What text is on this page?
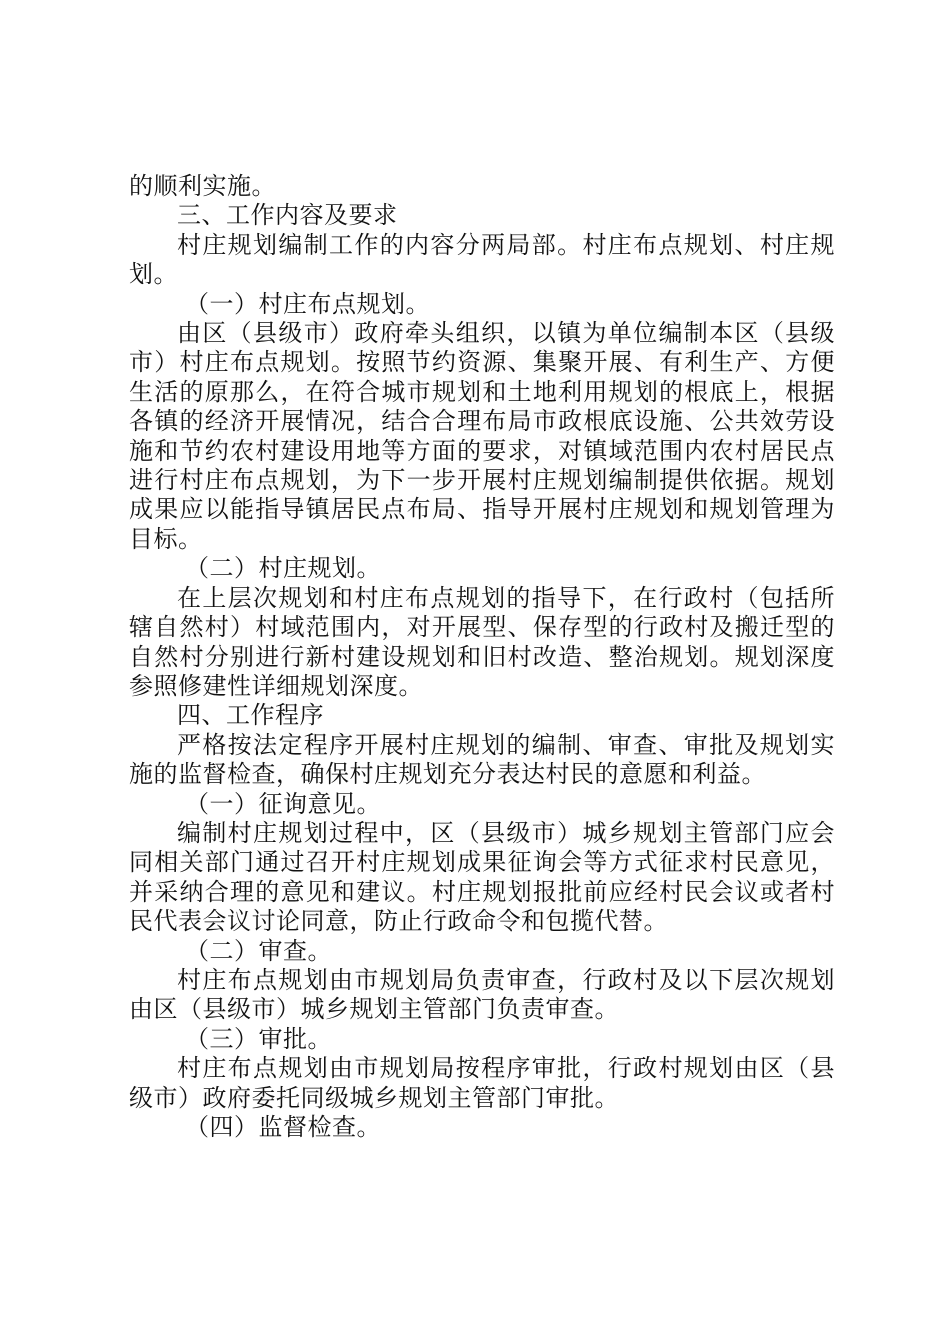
的顺利实施。

三、工作内容及要求

村庄规划编制工作的内容分两局部。村庄布点规划、村庄规划。

（一）村庄布点规划。

由区（县级市）政府牵头组织，以镇为单位编制本区（县级市）村庄布点规划。按照节约资源、集聚开展、有利生产、方便生活的原那么，在符合城市规划和土地利用规划的根底上，根据各镇的经济开展情况，结合合理布局市政根底设施、公共效劳设施和节约农村建设用地等方面的要求，对镇域范围内农村居民点进行村庄布点规划，为下一步开展村庄规划编制提供依据。规划成果应以能指导镇居民点布局、指导开展村庄规划和规划管理为目标。

（二）村庄规划。

在上层次规划和村庄布点规划的指导下，在行政村（包括所辖自然村）村域范围内，对开展型、保存型的行政村及搬迁型的自然村分别进行新村建设规划和旧村改造、整治规划。规划深度参照修建性详细规划深度。

四、工作程序

严格按法定程序开展村庄规划的编制、审查、审批及规划实施的监督检查，确保村庄规划充分表达村民的意愿和利益。

（一）征询意见。

编制村庄规划过程中，区（县级市）城乡规划主管部门应会同相关部门通过召开村庄规划成果征询会等方式征求村民意见，并采纳合理的意见和建议。村庄规划报批前应经村民会议或者村民代表会议讨论同意，防止行政命令和包揽代替。

（二）审查。

村庄布点规划由市规划局负责审查，行政村及以下层次规划由区（县级市）城乡规划主管部门负责审查。

（三）审批。

村庄布点规划由市规划局按程序审批，行政村规划由区（县级市）政府委托同级城乡规划主管部门审批。

（四）监督检查。
